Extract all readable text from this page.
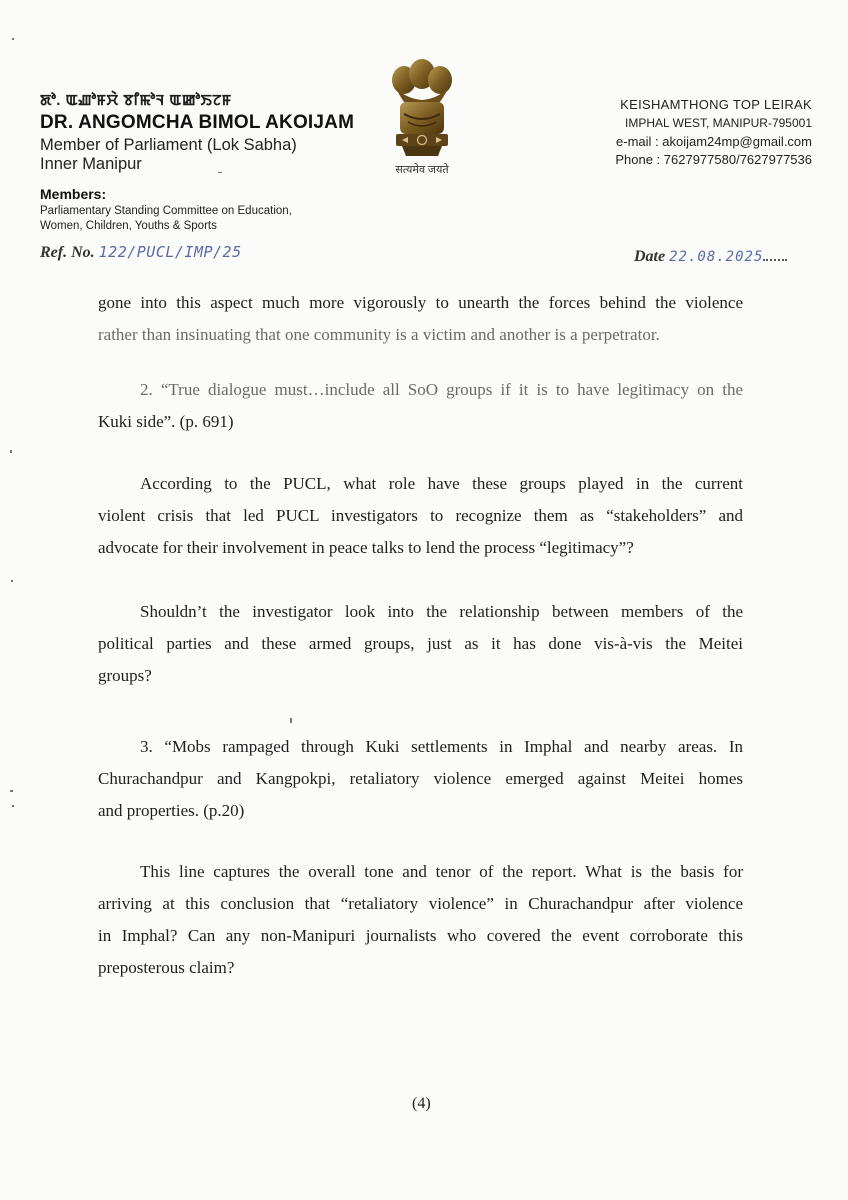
ꯗꯣ. ꯑꯉꯣꯝꯆꯥ ꯕꯤꯃꯣꯜ ꯑꯀꯣꯏꯖꯝ
DR. ANGOMCHA BIMOL AKOIJAM
Member of Parliament (Lok Sabha)
Inner Manipur
Members:
Parliamentary Standing Committee on Education,
Women, Children, Youths & Sports
Ref. No. 122/PUCL/IMP/25
सत्यमेव जयते
KEISHAMTHONG TOP LEIRAK
IMPHAL WEST, MANIPUR-795001
e-mail : akoijam24mp@gmail.com
Phone : 7627977580/7627977536
Date 22.08.2025
gone into this aspect much more vigorously to unearth the forces behind the violence
rather than insinuating that one community is a victim and another is a perpetrator.
2. “True dialogue must…include all SoO groups if it is to have legitimacy on the
Kuki side”. (p. 691)
According to the PUCL, what role have these groups played in the current
violent crisis that led PUCL investigators to recognize them as “stakeholders” and
advocate for their involvement in peace talks to lend the process “legitimacy”?
Shouldn’t the investigator look into the relationship between members of the
political parties and these armed groups, just as it has done vis-à-vis the Meitei
groups?
3. “Mobs rampaged through Kuki settlements in Imphal and nearby areas. In
Churachandpur and Kangpokpi, retaliatory violence emerged against Meitei homes
and properties. (p.20)
This line captures the overall tone and tenor of the report. What is the basis for
arriving at this conclusion that “retaliatory violence” in Churachandpur after violence
in Imphal? Can any non-Manipuri journalists who covered the event corroborate this
preposterous claim?
(4)
